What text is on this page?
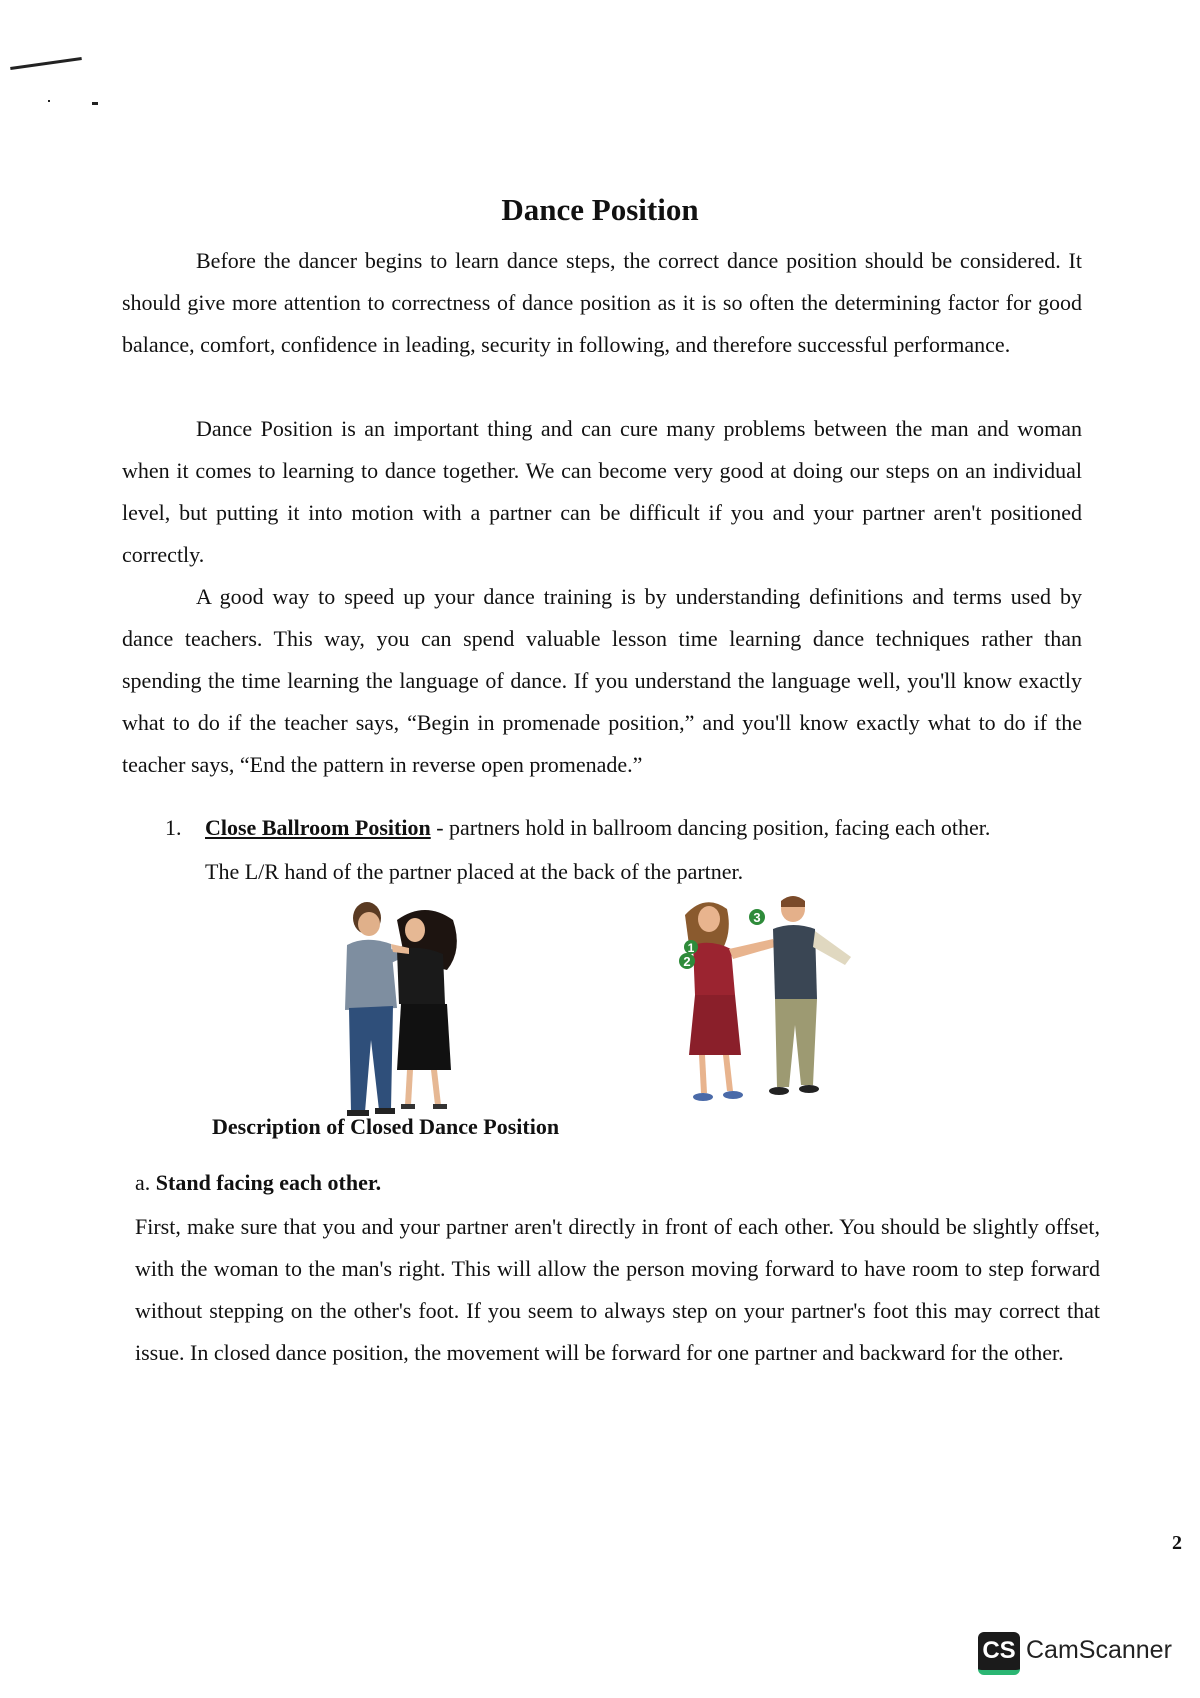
Dance Position

Before the dancer begins to learn dance steps, the correct dance position should be considered. It should give more attention to correctness of dance position as it is so often the determining factor for good balance, comfort, confidence in leading, security in following, and therefore successful performance.

Dance Position is an important thing and can cure many problems between the man and woman when it comes to learning to dance together. We can become very good at doing our steps on an individual level, but putting it into motion with a partner can be difficult if you and your partner aren't positioned correctly.

A good way to speed up your dance training is by understanding definitions and terms used by dance teachers. This way, you can spend valuable lesson time learning dance techniques rather than spending the time learning the language of dance. If you understand the language well, you'll know exactly what to do if the teacher says, “Begin in promenade position,” and you'll know exactly what to do if the teacher says, “End the pattern in reverse open promenade.”

1. Close Ballroom Position - partners hold in ballroom dancing position, facing each other.
The L/R hand of the partner placed at the back of the partner.

3
2
1

Description of Closed Dance Position

a. Stand facing each other.

First, make sure that you and your partner aren't directly in front of each other. You should be slightly offset, with the woman to the man's right. This will allow the person moving forward to have room to step forward without stepping on the other's foot. If you seem to always step on your partner's foot this may correct that issue. In closed dance position, the movement will be forward for one partner and backward for the other.

2
CS CamScanner
